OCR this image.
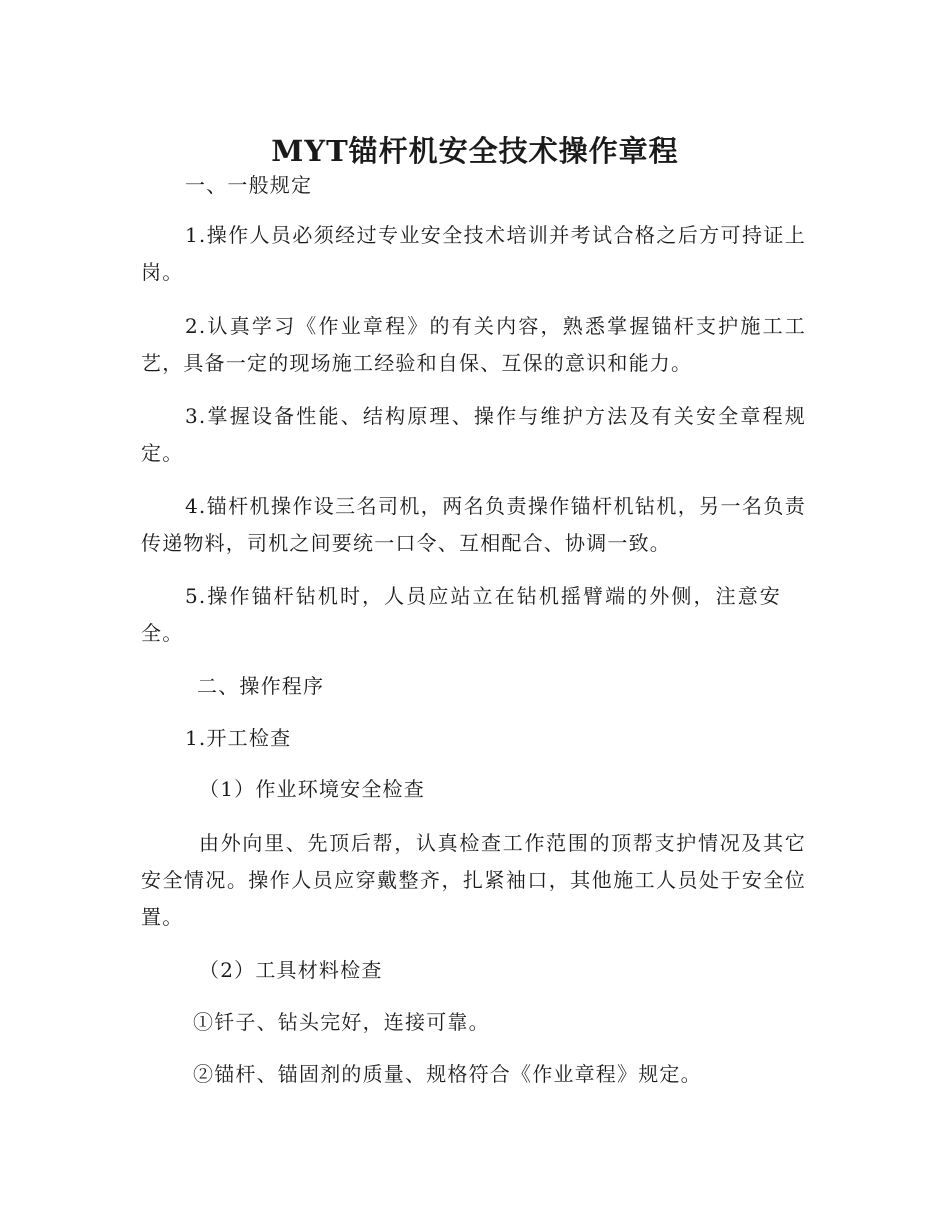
MYT锚杆机安全技术操作章程

一、一般规定

1.操作人员必须经过专业安全技术培训并考试合格之后方可持证上岗。

2.认真学习《作业章程》的有关内容，熟悉掌握锚杆支护施工工艺，具备一定的现场施工经验和自保、互保的意识和能力。

3.掌握设备性能、结构原理、操作与维护方法及有关安全章程规定。

4.锚杆机操作设三名司机，两名负责操作锚杆机钻机，另一名负责传递物料，司机之间要统一口令、互相配合、协调一致。

5.操作锚杆钻机时，人员应站立在钻机摇臂端的外侧，注意安全。

二、操作程序

1.开工检查

（1）作业环境安全检查

由外向里、先顶后帮，认真检查工作范围的顶帮支护情况及其它安全情况。操作人员应穿戴整齐，扎紧袖口，其他施工人员处于安全位置。

（2）工具材料检查

①钎子、钻头完好，连接可靠。

②锚杆、锚固剂的质量、规格符合《作业章程》规定。
